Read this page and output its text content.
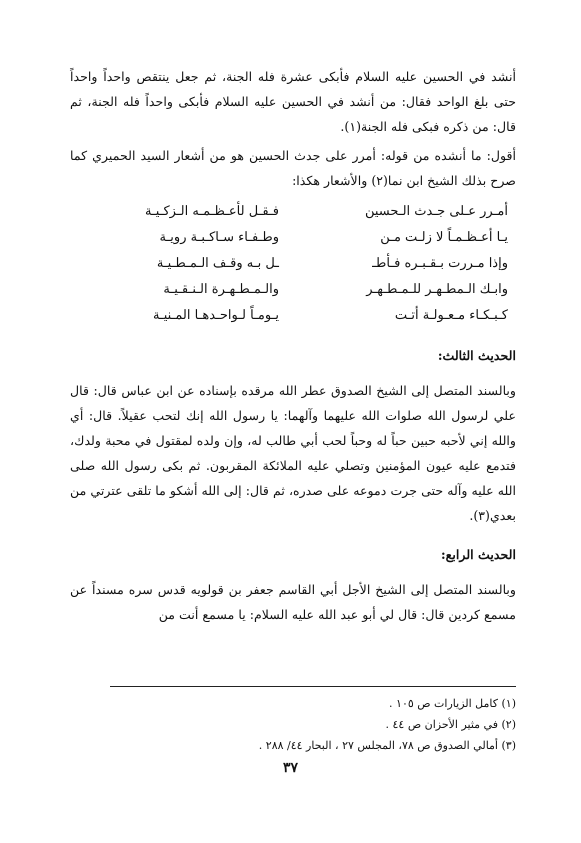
أنشد في الحسين عليه السلام فأبكى عشرة فله الجنة، ثم جعل ينتقص واحداً واحداً حتى بلغ الواحد فقال: من أنشد في الحسين عليه السلام فأبكى واحداً فله الجنة، ثم قال: من ذكره فبكى فله الجنة(١).

أقول: ما أنشده من قوله: أمرر على جدث الحسين هو من أشعار السيد الحميري كما صرح بذلك الشيخ ابن نما(٢) والأشعار هكذا:

أمـرر عـلى جـدث الـحسين
فـقـل لأعـظـمـه الـزكـيـة
يـا أعـظـمـاً لا زلـت مـن
وطـفـاء سـاكـبـة رويـة
وإذا مـررت بـقـبـره فـأطـ
ـل بـه وقـف الـمـطـيـة
وابـك الـمطـهـر للـمـطـهـر
والـمـطـهـرة الـنـقـيـة
كـبـكـاء مـعـولـة أتـت
يـومـاً لـواحـدهـا المـنيـة
الحديث الثالث:

وبالسند المتصل إلى الشيخ الصدوق عطر الله مرقده بإسناده عن ابن عباس قال: قال علي لرسول الله صلوات الله عليهما وآلهما: يا رسول الله إنك لتحب عقيلاً. قال: أي والله إني لأحبه حبين حباً له وحباً لحب أبي طالب له، وإن ولده لمقتول في محبة ولدك، فتدمع عليه عيون المؤمنين وتصلي عليه الملائكة المقربون. ثم بكى رسول الله صلى الله عليه وآله حتى جرت دموعه على صدره، ثم قال: إلى الله أشكو ما تلقى عترتي من بعدي(٣).

الحديث الرابع:

وبالسند المتصل إلى الشيخ الأجل أبي القاسم جعفر بن قولويه قدس سره مسنداً عن مسمع كردين قال: قال لي أبو عبد الله عليه السلام: يا مسمع أنت من

(١) كامل الزيارات ص ١٠٥ .

(٢) في مثير الأحزان ص ٤٤ .

(٣) أمالي الصدوق ص ٧٨، المجلس ٢٧ ، البحار ٤٤/ ٢٨٨ .

٣٧
